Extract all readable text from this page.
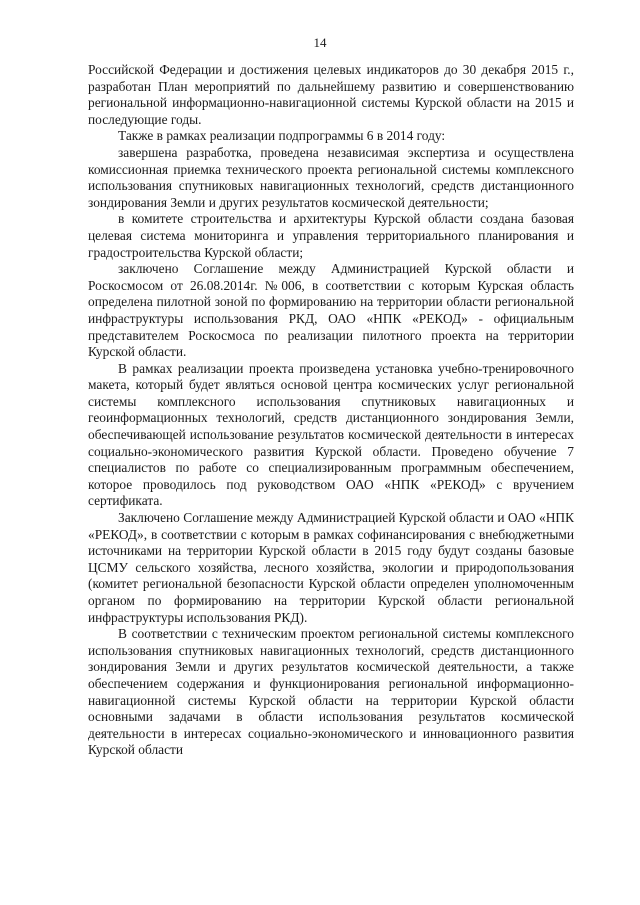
14

Российской Федерации и достижения целевых индикаторов до 30 декабря 2015 г., разработан План мероприятий по дальнейшему развитию и совершенствованию региональной информационно-навигационной системы Курской области на 2015 и последующие годы.

Также в рамках реализации подпрограммы 6 в 2014 году:

завершена разработка, проведена независимая экспертиза и осуществлена комиссионная приемка технического проекта региональной системы комплексного использования спутниковых навигационных технологий, средств дистанционного зондирования Земли и других результатов космической деятельности;

в комитете строительства и архитектуры Курской области создана базовая целевая система мониторинга и управления территориального планирования и градостроительства Курской области;

заключено Соглашение между Администрацией Курской области и Роскосмосом от 26.08.2014г. №006, в соответствии с которым Курская область определена пилотной зоной по формированию на территории области региональной инфраструктуры использования РКД, ОАО «НПК «РЕКОД» - официальным представителем Роскосмоса по реализации пилотного проекта на территории Курской области.

В рамках реализации проекта произведена установка учебно-тренировочного макета, который будет являться основой центра космических услуг региональной системы комплексного использования спутниковых навигационных и геоинформационных технологий, средств дистанционного зондирования Земли, обеспечивающей использование результатов космической деятельности в интересах социально-экономического развития Курской области. Проведено обучение 7 специалистов по работе со специализированным программным обеспечением, которое проводилось под руководством ОАО «НПК «РЕКОД» с вручением сертификата.

Заключено Соглашение между Администрацией Курской области и ОАО «НПК «РЕКОД», в соответствии с которым в рамках софинансирования с внебюджетными источниками на территории Курской области в 2015 году будут созданы базовые ЦСМУ сельского хозяйства, лесного хозяйства, экологии и природопользования (комитет региональной безопасности Курской области определен уполномоченным органом по формированию на территории Курской области региональной инфраструктуры использования РКД).

В соответствии с техническим проектом региональной системы комплексного использования спутниковых навигационных технологий, средств дистанционного зондирования Земли и других результатов космической деятельности, а также обеспечением содержания и функционирования региональной информационно-навигационной системы Курской области на территории Курской области основными задачами в области использования результатов космической деятельности в интересах социально-экономического и инновационного развития Курской области
